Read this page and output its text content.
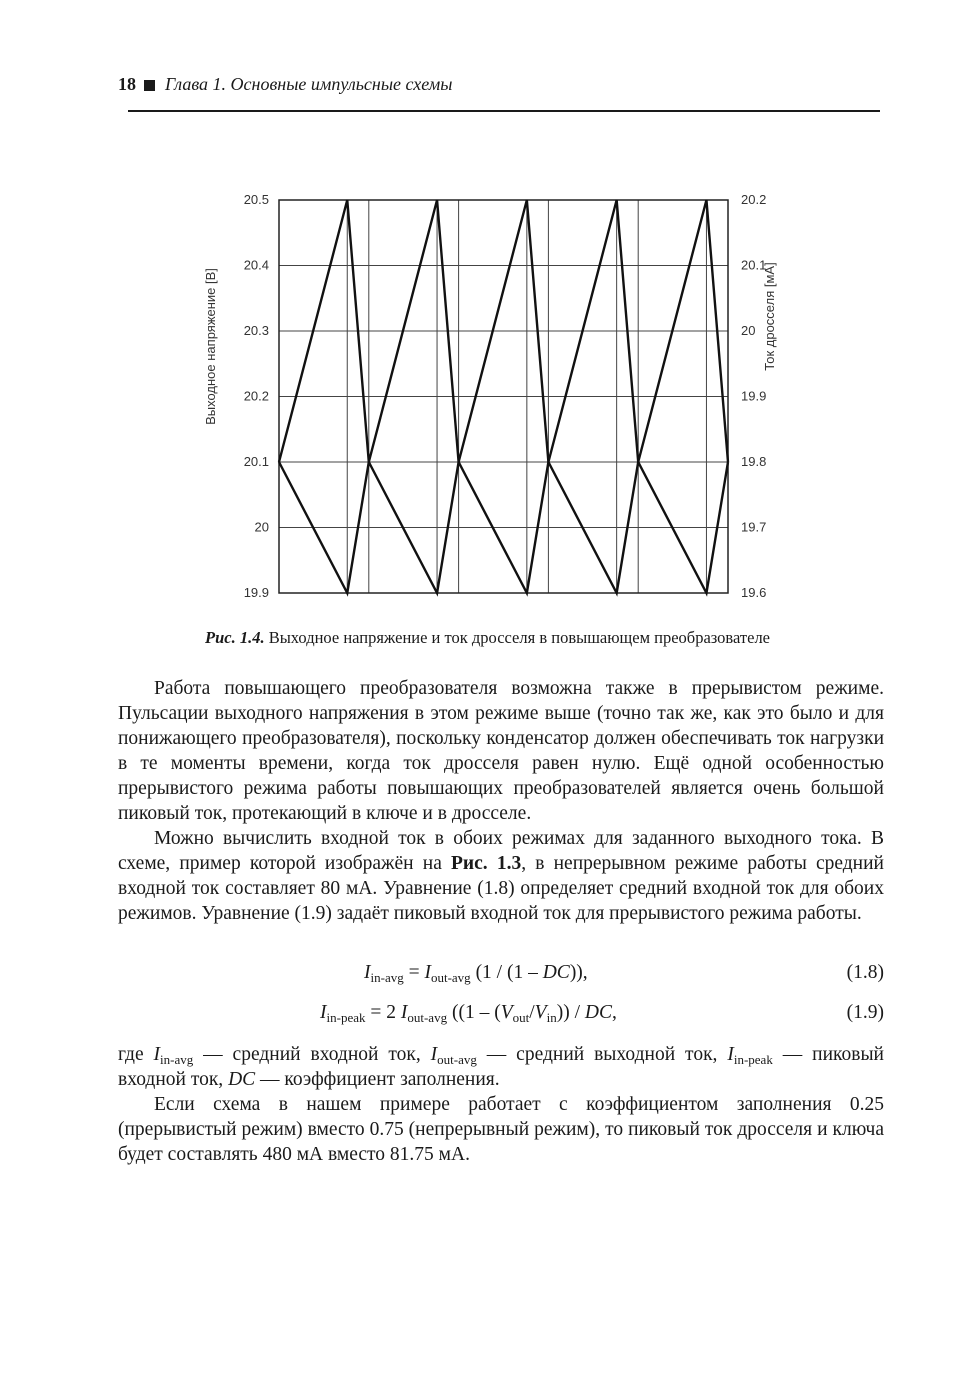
18 Глава 1. Основные импульсные схемы
20.5	20.2
20.4	20.1
20.3	20
20.2	19.9
20.1	19.8
20	19.7
19.9	19.6
Выходное напряжение [В]	Ток дросселя [мА]
Рис. 1.4. Выходное напряжение и ток дросселя в повышающем преобразователе

Работа повышающего преобразователя возможна также в прерывистом режиме. Пульсации выходного напряжения в этом режиме выше (точно так же, как это было и для понижающего преобразователя), поскольку конденсатор должен обеспечивать ток нагрузки в те моменты времени, когда ток дросселя равен нулю. Ещё одной особенностью прерывистого режима работы повышающих преобразователей является очень большой пиковый ток, протекающий в ключе и в дросселе.

Можно вычислить входной ток в обоих режимах для заданного выходного тока. В схеме, пример которой изображён на Рис. 1.3, в непрерывном режиме работы средний входной ток составляет 80 мА. Уравнение (1.8) определяет средний входной ток для обоих режимов. Уравнение (1.9) задаёт пиковый входной ток для прерывистого режима работы.

$I_{in-avg} = I_{out-avg}$ (1 / (1 – DC)),	(1.8)
$I_{in-peak} = 2$ $I_{out-avg}$ ($(1 - (V_{out}/V_{in}))$ / DC,	(1.9)

где $I_{in-avg}$ — средний входной ток, $I_{out-avg}$ — средний выходной ток, $I_{in-peak}$ — пиковый входной ток, DC — коэффициент заполнения.

Если схема в нашем примере работает с коэффициентом заполнения 0.25 (прерывистый режим) вместо 0.75 (непрерывный режим), то пиковый ток дросселя и ключа будет составлять 480 мА вместо 81.75 мА.
